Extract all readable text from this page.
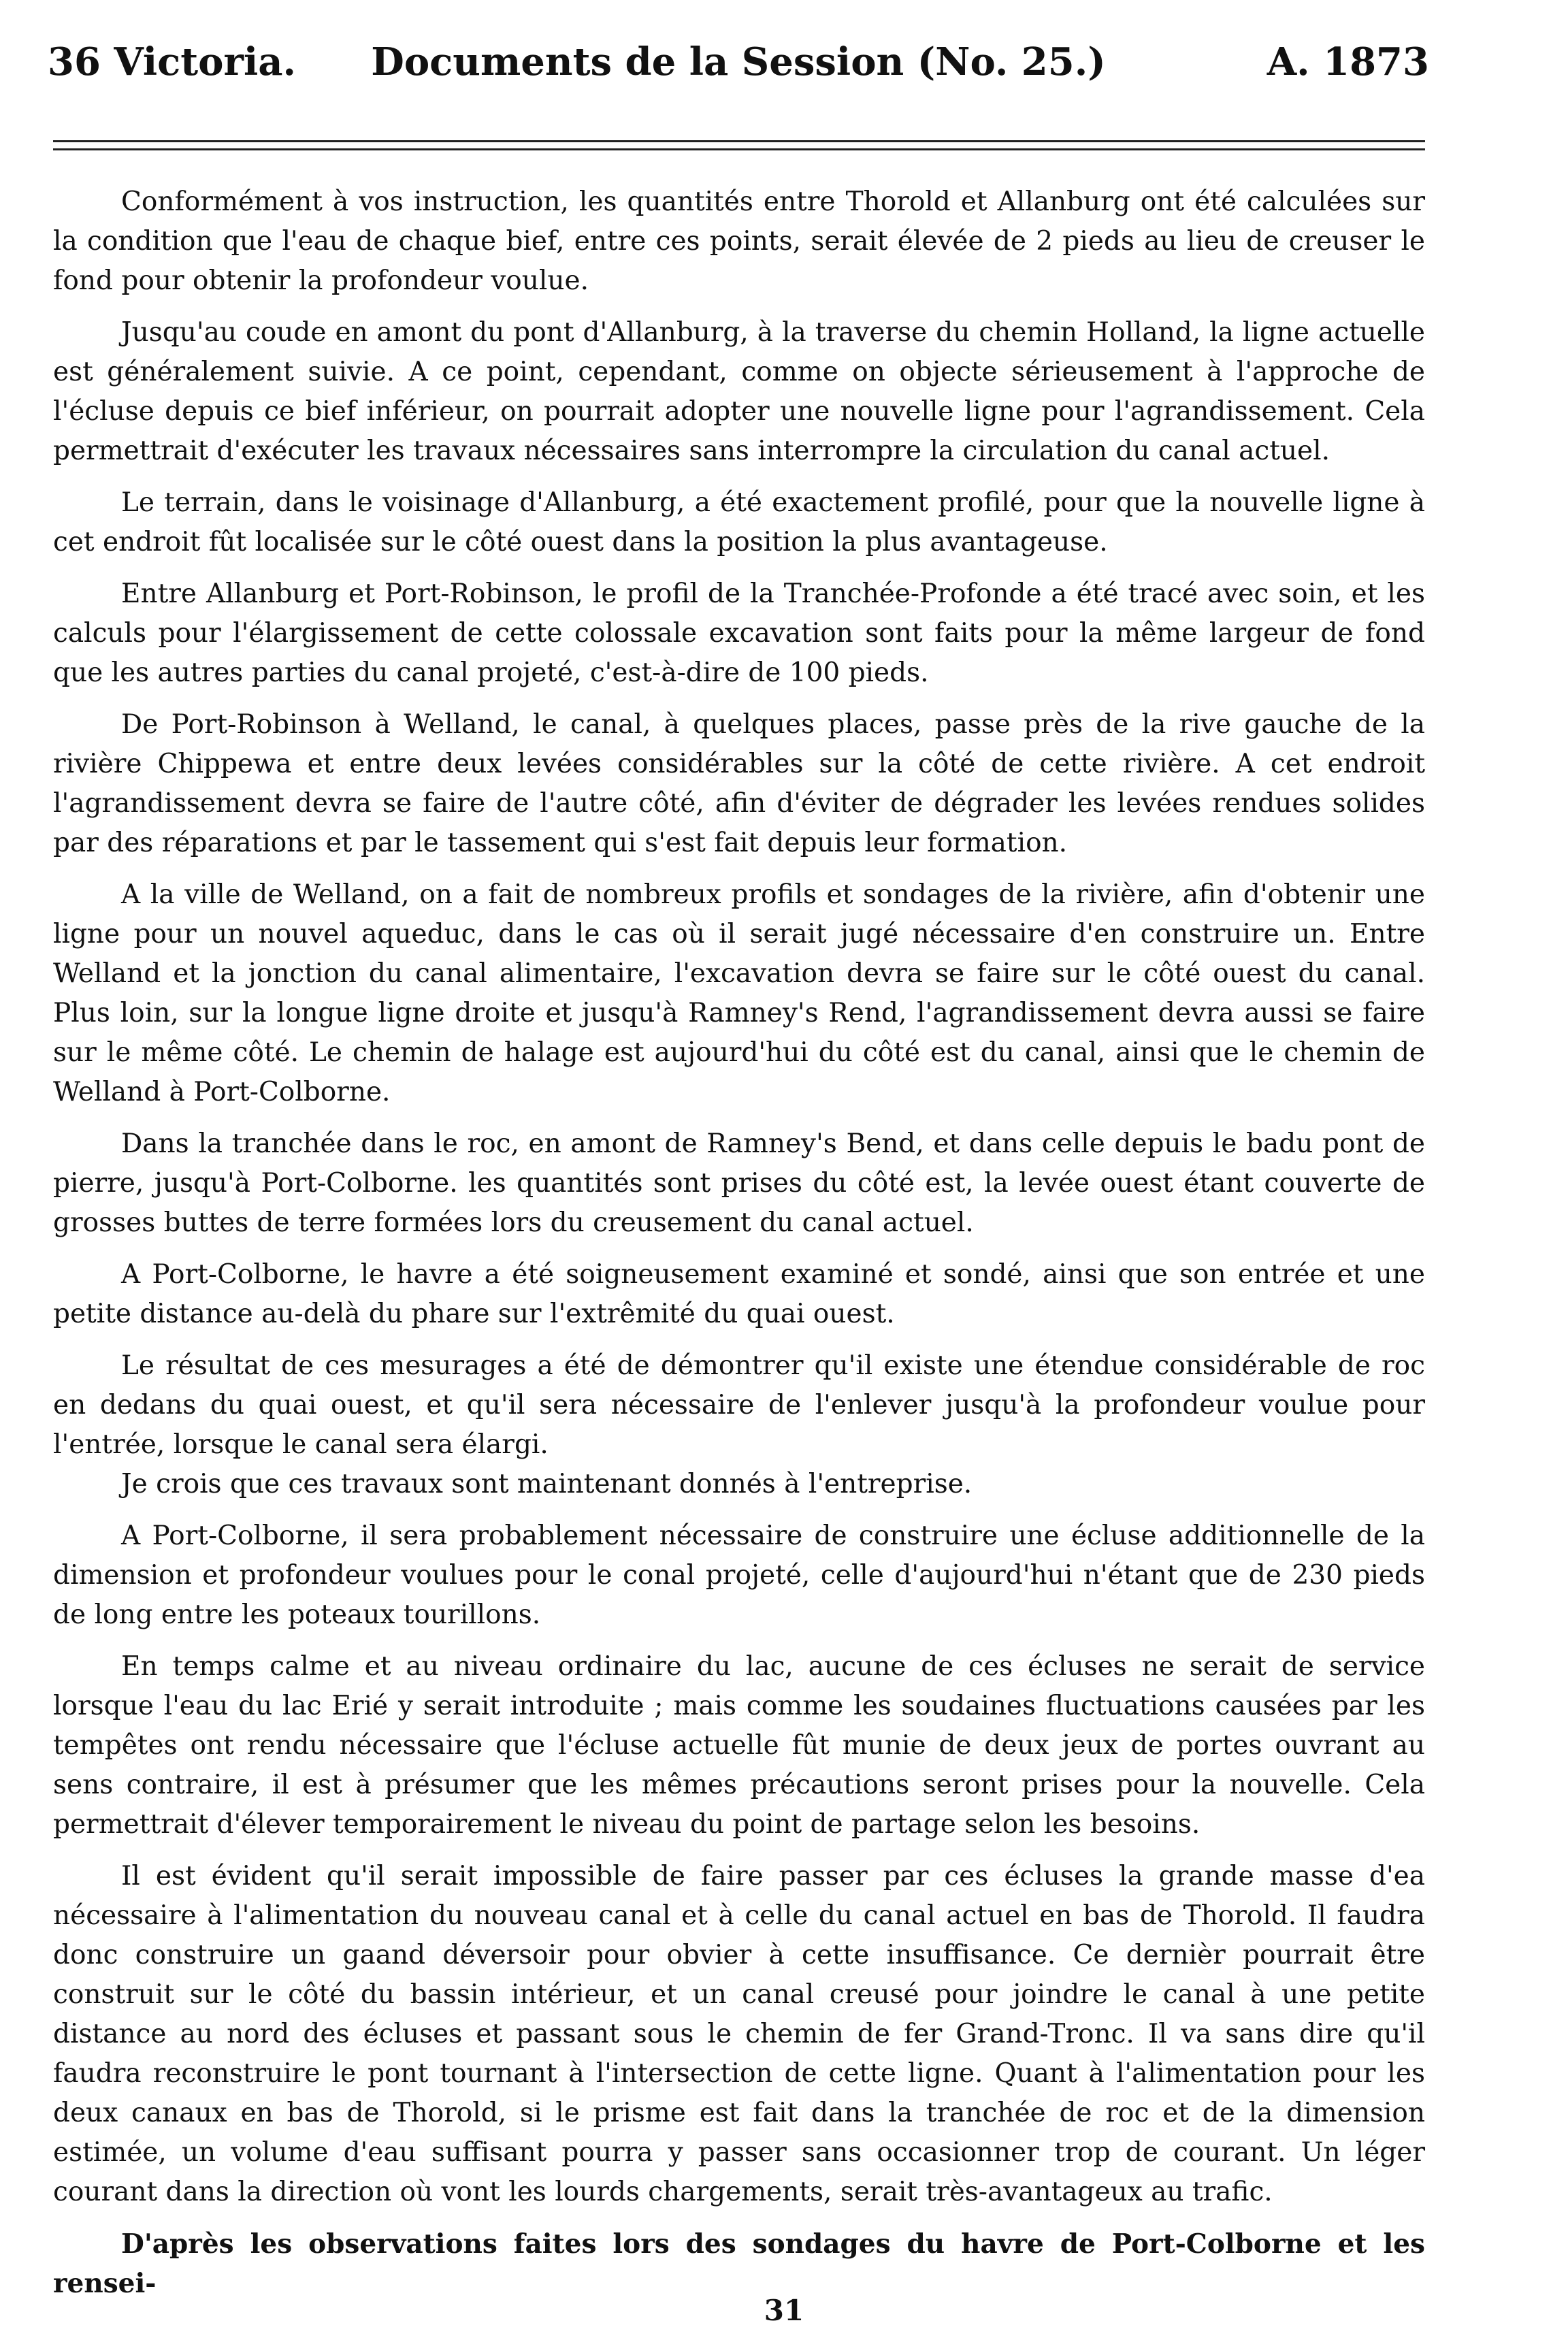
36 Victoria.	Documents de la Session (No. 25.)	A. 1873

Conformément à vos instruction, les quantités entre Thorold et Allanburg ont été calculées sur la condition que l'eau de chaque bief, entre ces points, serait élevée de 2 pieds au lieu de creuser le fond pour obtenir la profondeur voulue.

Jusqu'au coude en amont du pont d'Allanburg, à la traverse du chemin Holland, la ligne actuelle est généralement suivie. A ce point, cependant, comme on objecte sérieusement à l'approche de l'écluse depuis ce bief inférieur, on pourrait adopter une nouvelle ligne pour l'agrandissement. Cela permettrait d'exécuter les travaux nécessaires sans interrompre la circulation du canal actuel.

Le terrain, dans le voisinage d'Allanburg, a été exactement profilé, pour que la nouvelle ligne à cet endroit fût localisée sur le côté ouest dans la position la plus avantageuse.

Entre Allanburg et Port-Robinson, le profil de la Tranchée-Profonde a été tracé avec soin, et les calculs pour l'élargissement de cette colossale excavation sont faits pour la même largeur de fond que les autres parties du canal projeté, c'est-à-dire de 100 pieds.

De Port-Robinson à Welland, le canal, à quelques places, passe près de la rive gauche de la rivière Chippewa et entre deux levées considérables sur la côté de cette rivière. A cet endroit l'agrandissement devra se faire de l'autre côté, afin d'éviter de dégrader les levées rendues solides par des réparations et par le tassement qui s'est fait depuis leur formation.

A la ville de Welland, on a fait de nombreux profils et sondages de la rivière, afin d'obtenir une ligne pour un nouvel aqueduc, dans le cas où il serait jugé nécessaire d'en construire un. Entre Welland et la jonction du canal alimentaire, l'excavation devra se faire sur le côté ouest du canal. Plus loin, sur la longue ligne droite et jusqu'à Ramney's Rend, l'agrandissement devra aussi se faire sur le même côté. Le chemin de halage est aujourd'hui du côté est du canal, ainsi que le chemin de Welland à Port-Colborne.

Dans la tranchée dans le roc, en amont de Ramney's Bend, et dans celle depuis le badu pont de pierre, jusqu'à Port-Colborne. les quantités sont prises du côté est, la levée ouest étant couverte de grosses buttes de terre formées lors du creusement du canal actuel.

A Port-Colborne, le havre a été soigneusement examiné et sondé, ainsi que son entrée et une petite distance au-delà du phare sur l'extrêmité du quai ouest.

Le résultat de ces mesurages a été de démontrer qu'il existe une étendue considérable de roc en dedans du quai ouest, et qu'il sera nécessaire de l'enlever jusqu'à la profondeur voulue pour l'entrée, lorsque le canal sera élargi.

Je crois que ces travaux sont maintenant donnés à l'entreprise.

A Port-Colborne, il sera probablement nécessaire de construire une écluse additionnelle de la dimension et profondeur voulues pour le conal projeté, celle d'aujourd'hui n'étant que de 230 pieds de long entre les poteaux tourillons.

En temps calme et au niveau ordinaire du lac, aucune de ces écluses ne serait de service lorsque l'eau du lac Erié y serait introduite ; mais comme les soudaines fluctuations causées par les tempêtes ont rendu nécessaire que l'écluse actuelle fût munie de deux jeux de portes ouvrant au sens contraire, il est à présumer que les mêmes précautions seront prises pour la nouvelle. Cela permettrait d'élever temporairement le niveau du point de partage selon les besoins.

Il est évident qu'il serait impossible de faire passer par ces écluses la grande masse d'ea nécessaire à l'alimentation du nouveau canal et à celle du canal actuel en bas de Thorold. Il faudra donc construire un gaand déversoir pour obvier à cette insuffisance. Ce dernièr pourrait être construit sur le côté du bassin intérieur, et un canal creusé pour joindre le canal à une petite distance au nord des écluses et passant sous le chemin de fer Grand-Tronc. Il va sans dire qu'il faudra reconstruire le pont tournant à l'intersection de cette ligne. Quant à l'alimentation pour les deux canaux en bas de Thorold, si le prisme est fait dans la tranchée de roc et de la dimension estimée, un volume d'eau suffisant pourra y passer sans occasionner trop de courant. Un léger courant dans la direction où vont les lourds chargements, serait très-avantageux au trafic.

D'après les observations faites lors des sondages du havre de Port-Colborne et les rensei-

31
